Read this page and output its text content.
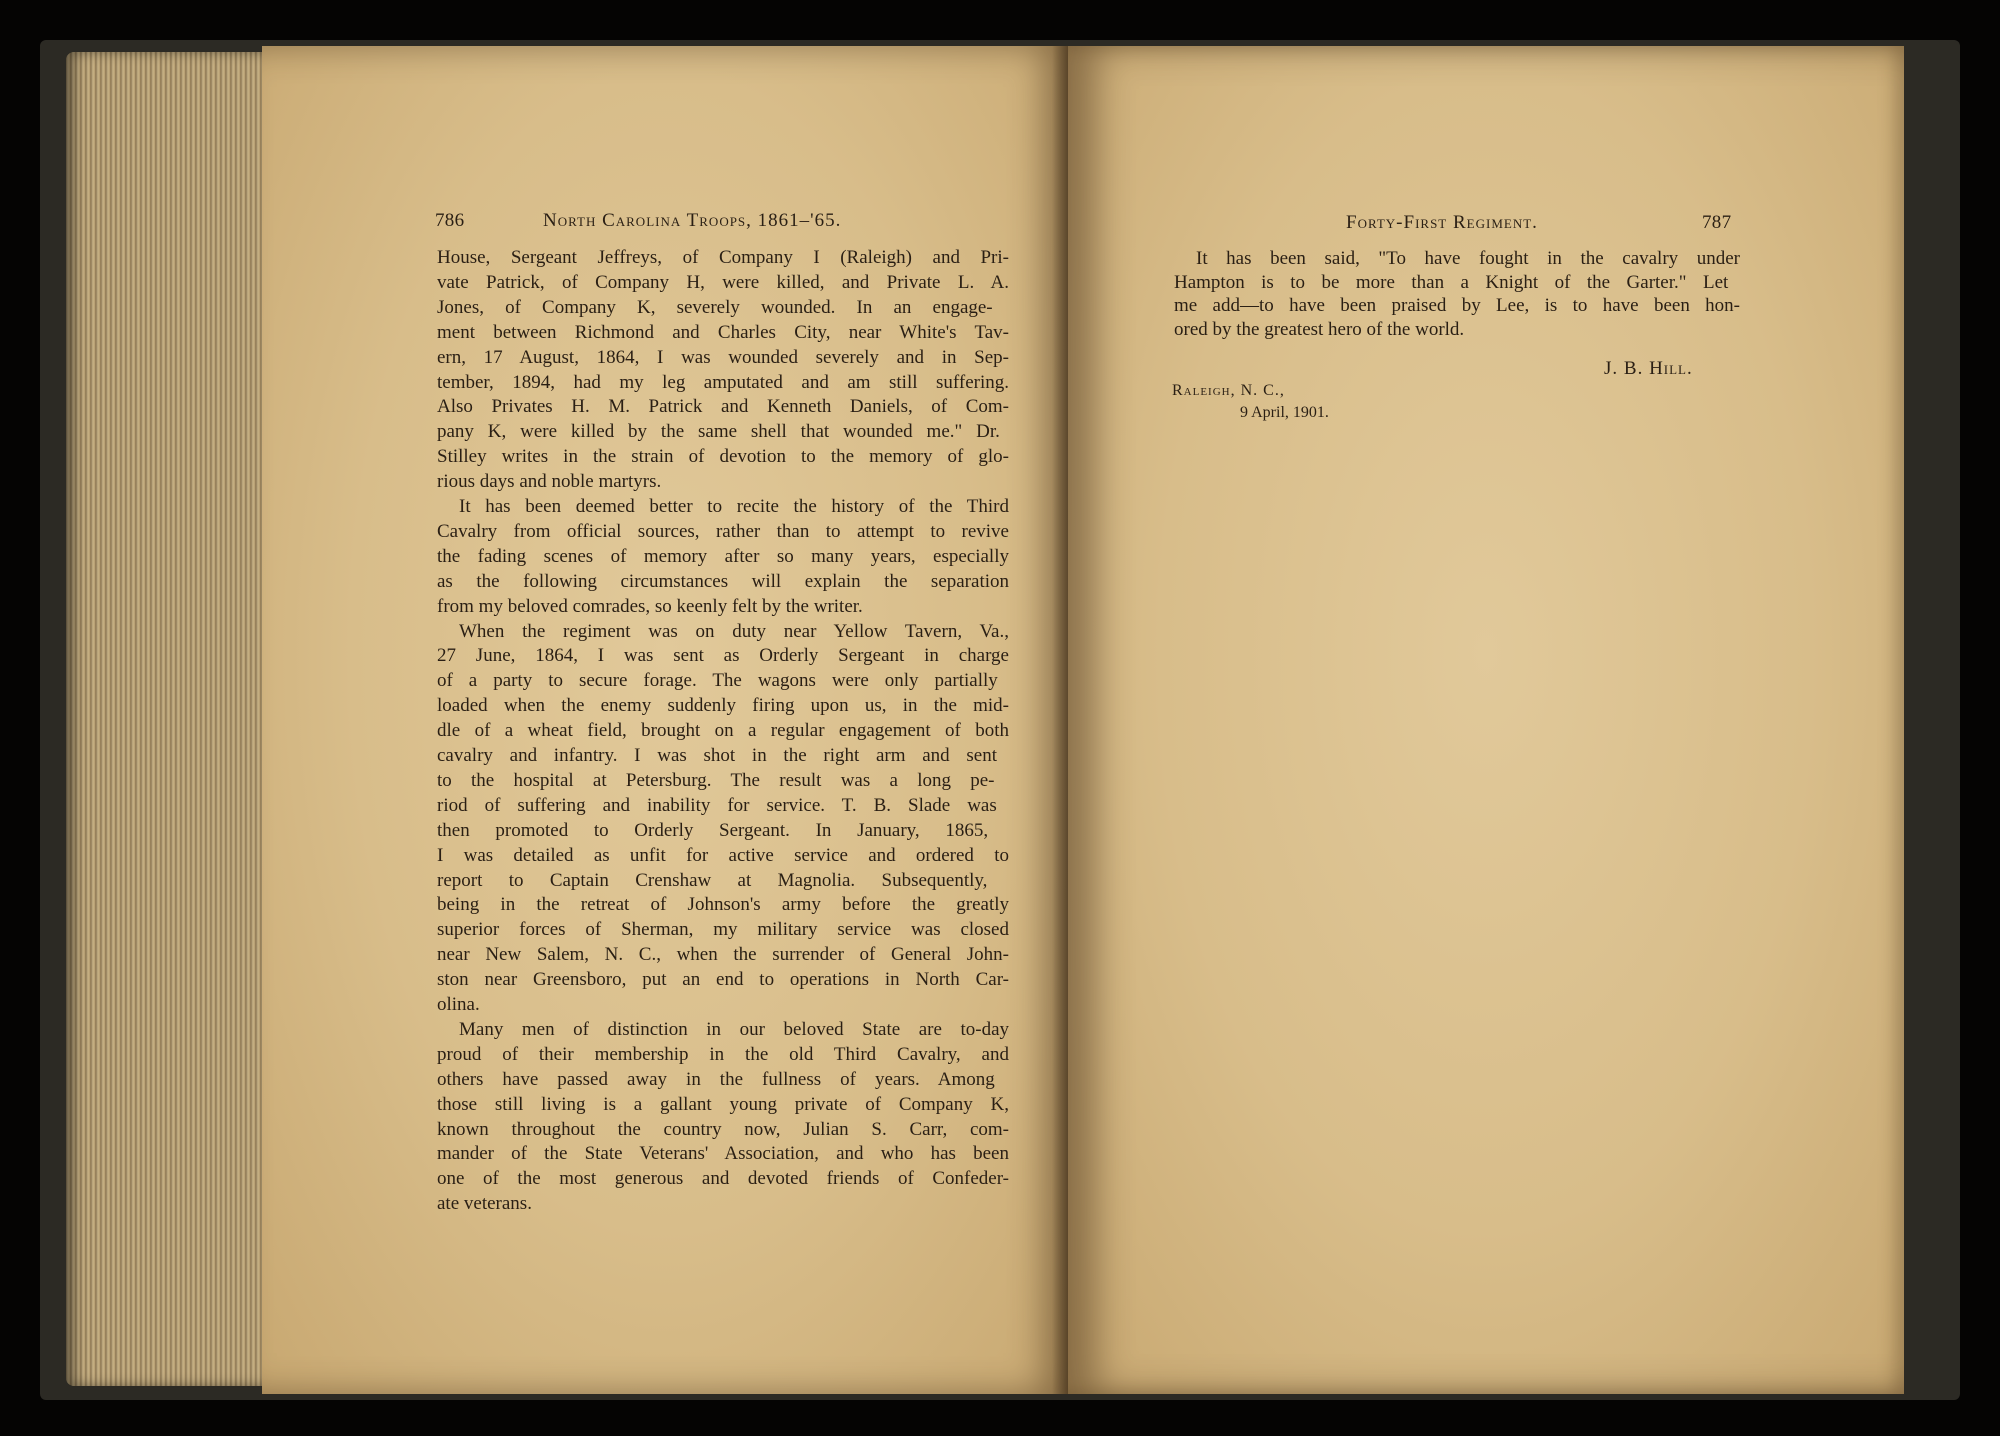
786	North Carolina Troops, 1861–'65.
House, Sergeant Jeffreys, of Company I (Raleigh) and Pri-
vate Patrick, of Company H, were killed, and Private L. A.
Jones, of Company K, severely wounded. In an engage-
ment between Richmond and Charles City, near White's Tav-
ern, 17 August, 1864, I was wounded severely and in Sep-
tember, 1894, had my leg amputated and am still suffering.
Also Privates H. M. Patrick and Kenneth Daniels, of Com-
pany K, were killed by the same shell that wounded me." Dr.
Stilley writes in the strain of devotion to the memory of glo-
rious days and noble martyrs.
It has been deemed better to recite the history of the Third
Cavalry from official sources, rather than to attempt to revive
the fading scenes of memory after so many years, especially
as the following circumstances will explain the separation
from my beloved comrades, so keenly felt by the writer.
When the regiment was on duty near Yellow Tavern, Va.,
27 June, 1864, I was sent as Orderly Sergeant in charge
of a party to secure forage. The wagons were only partially
loaded when the enemy suddenly firing upon us, in the mid-
dle of a wheat field, brought on a regular engagement of both
cavalry and infantry. I was shot in the right arm and sent
to the hospital at Petersburg. The result was a long pe-
riod of suffering and inability for service. T. B. Slade was
then promoted to Orderly Sergeant. In January, 1865,
I was detailed as unfit for active service and ordered to
report to Captain Crenshaw at Magnolia. Subsequently,
being in the retreat of Johnson's army before the greatly
superior forces of Sherman, my military service was closed
near New Salem, N. C., when the surrender of General John-
ston near Greensboro, put an end to operations in North Car-
olina.
Many men of distinction in our beloved State are to-day
proud of their membership in the old Third Cavalry, and
others have passed away in the fullness of years. Among
those still living is a gallant young private of Company K,
known throughout the country now, Julian S. Carr, com-
mander of the State Veterans' Association, and who has been
one of the most generous and devoted friends of Confeder-
ate veterans.
Forty-First Regiment.	787
It has been said, "To have fought in the cavalry under
Hampton is to be more than a Knight of the Garter." Let
me add—to have been praised by Lee, is to have been hon-
ored by the greatest hero of the world.
J. B. Hill.
Raleigh, N. C.,
9 April, 1901.
